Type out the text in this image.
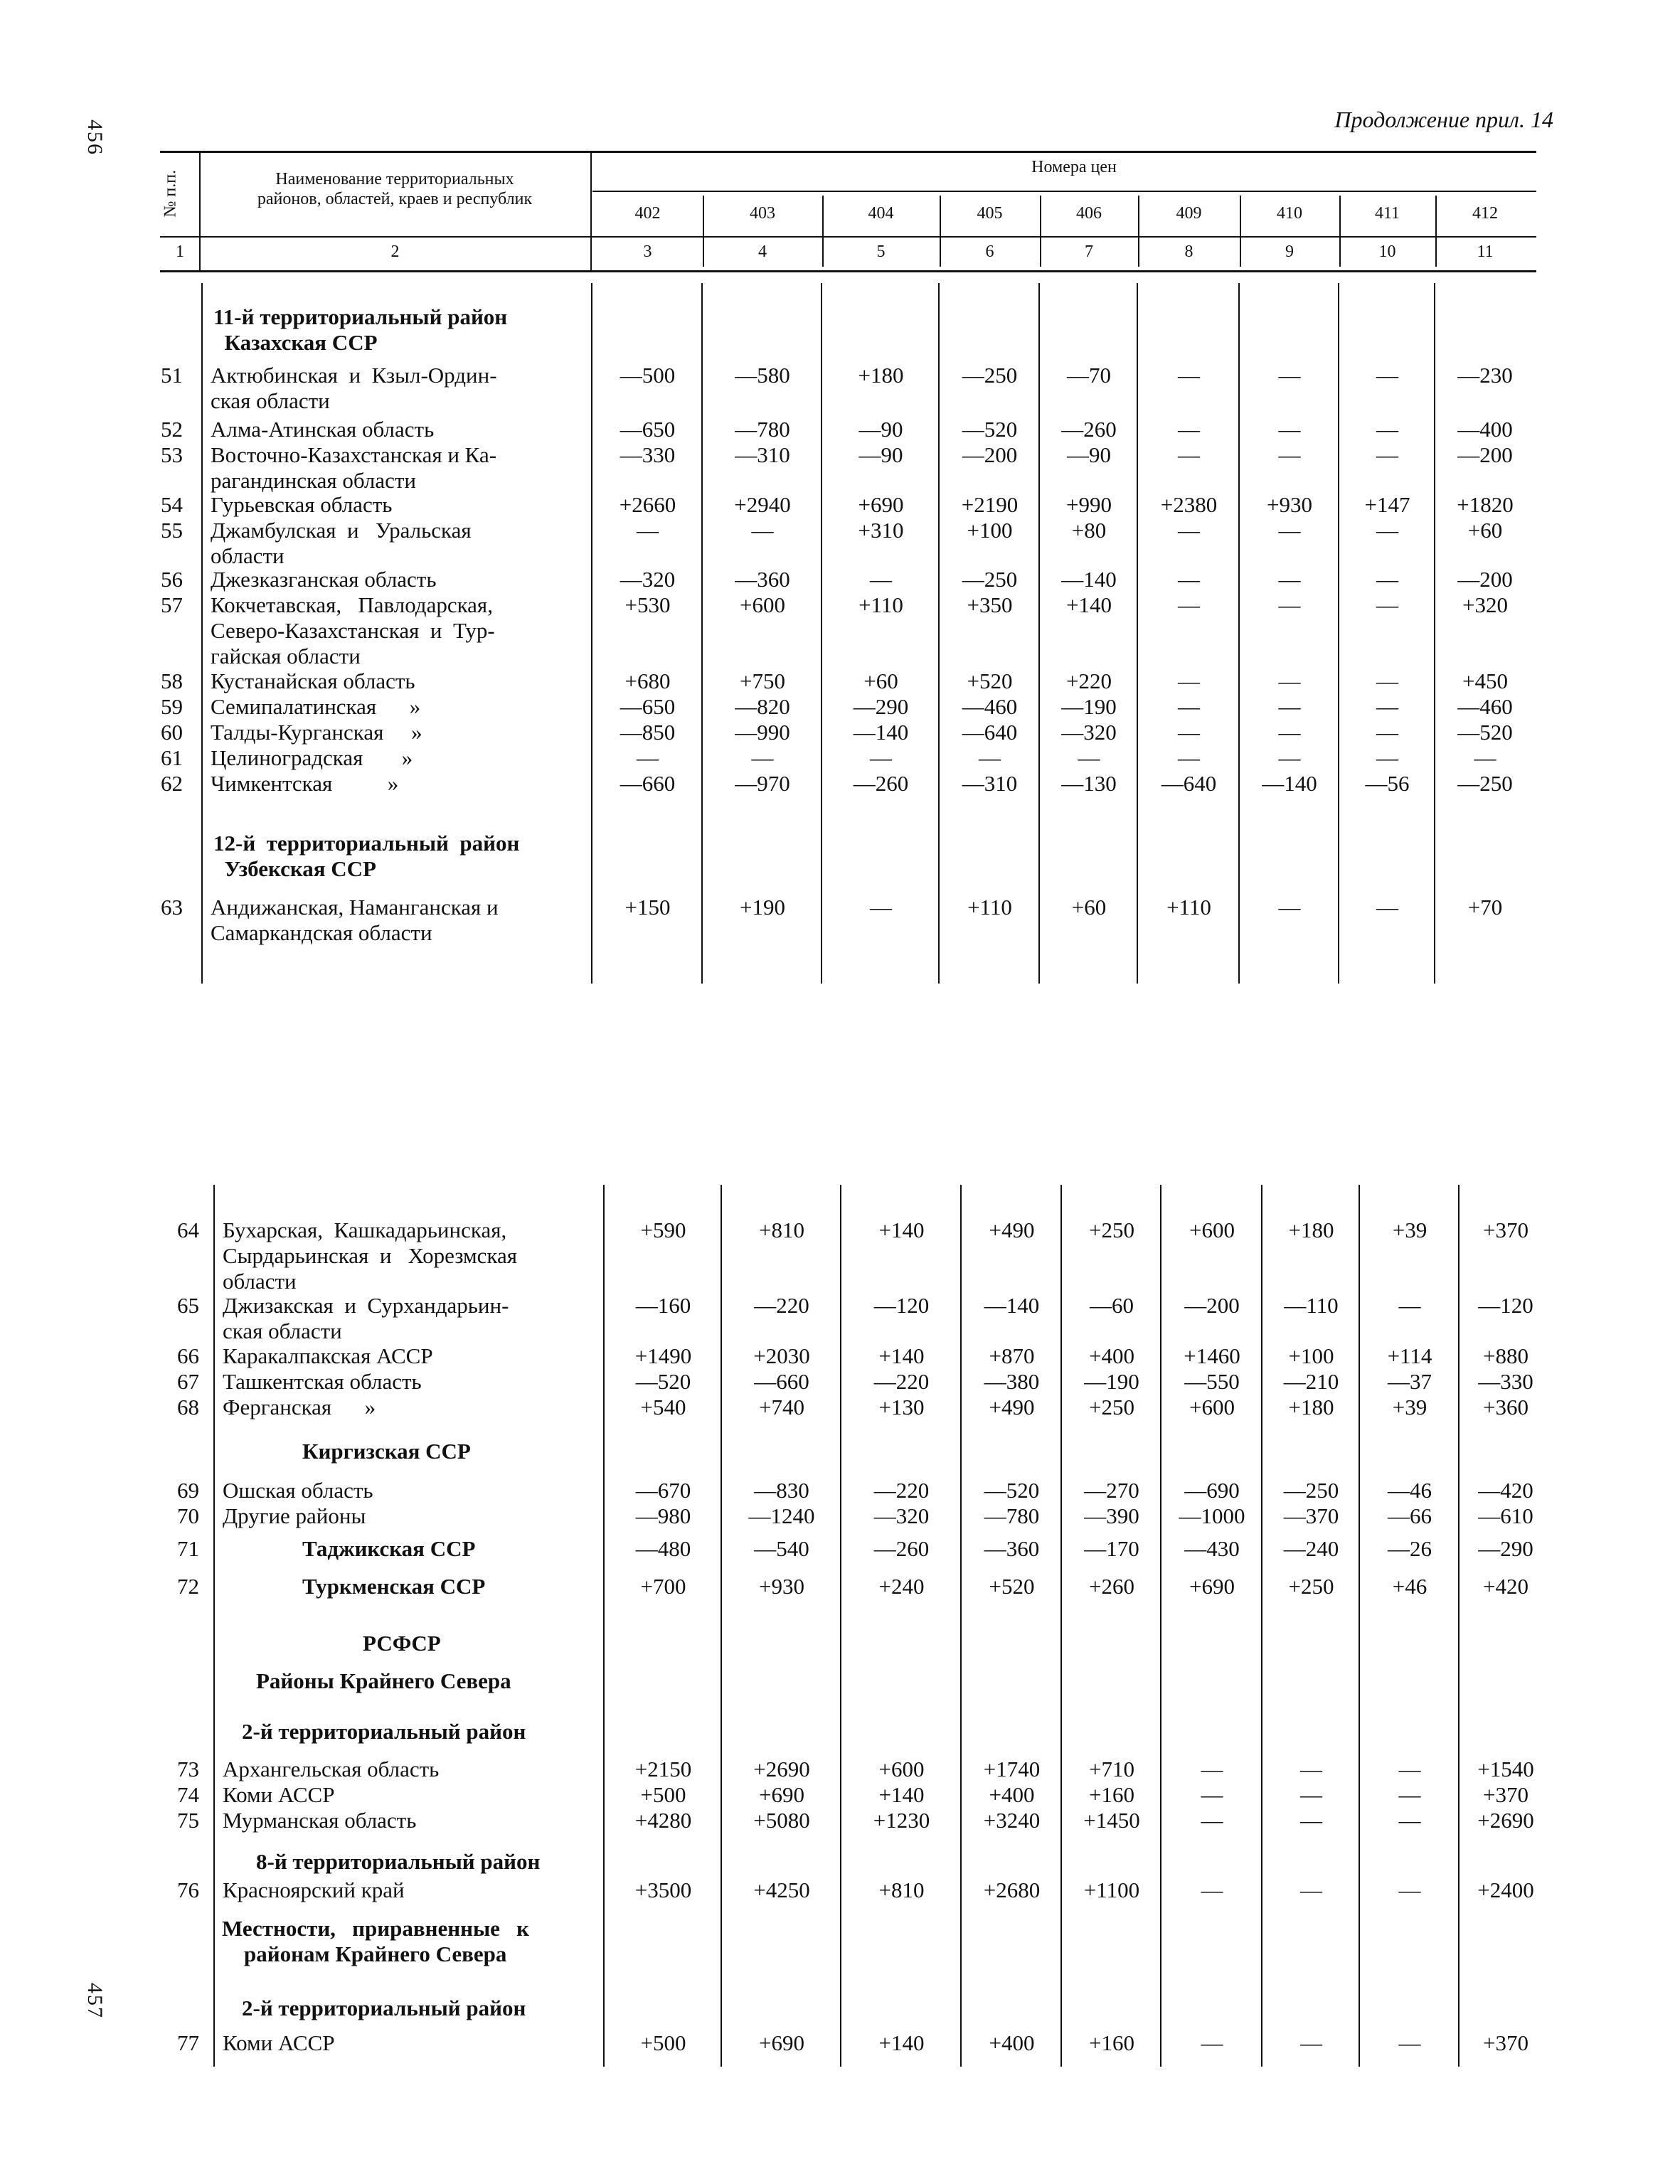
456
457
Продолжение прил. 14
№ п.п.	Наименование территориальных
районов, областей, краев и республик
Номера цен
402	403	404	405	406	409	410	411	412
1	2	3	4	5	6	7	8	9	10	11
11-й территориальный район
Казахская ССР
12-й  территориальный  район
Узбекская ССР
51 Актюбинская  и  Кзыл-Ордин-
ская области
—500	—580	+180	—250	—70	—	—	—	—230
52 Алма-Атинская область	—650	—780	—90	—520	—260	—	—	—	—400
53 Восточно-Казахстанская и Ка-
рагандинская области
—330	—310	—90	—200	—90	—	—	—	—200
54 Гурьевская область	+2660	+2940	+690	+2190	+990	+2380	+930	+147	+1820
55 Джамбулская  и   Уральская
области
—	—	+310	+100	+80	—	—	—	+60
56 Джезказганская область	—320	—360	—	—250	—140	—	—	—	—200
57 Кокчетавская,   Павлодарская,
Северо-Казахстанская  и  Тур-
гайская области
+530	+600	+110	+350	+140	—	—	—	+320
58 Кустанайская область	+680	+750	+60	+520	+220	—	—	—	+450
59 Семипалатинская      »	—650	—820	—290	—460	—190	—	—	—	—460
60 Талды-Курганская     »	—850	—990	—140	—640	—320	—	—	—	—520
61 Целиноградская       »	—	—	—	—	—	—	—	—	—
62 Чимкентская          »	—660	—970	—260	—310	—130	—640	—140	—56	—250
63 Андижанская, Наманганская и
Самаркандская области
+150	+190	—	+110	+60	+110	—	—	+70
Киргизская ССР
РСФСР
Районы Крайнего Севера
2-й территориальный район
8-й территориальный район
Местности,   приравненные   к
районам Крайнего Севера
2-й территориальный район
64 Бухарская,  Кашкадарьинская,
Сырдарьинская  и   Хорезмская
области
+590	+810	+140	+490	+250	+600	+180	+39	+370
65 Джизакская  и  Сурхандарьин-
ская области
—160	—220	—120	—140	—60	—200	—110	—	—120
66 Каракалпакская АССР	+1490	+2030	+140	+870	+400	+1460	+100	+114	+880
67 Ташкентская область	—520	—660	—220	—380	—190	—550	—210	—37	—330
68 Ферганская      »	+540	+740	+130	+490	+250	+600	+180	+39	+360
69 Ошская область	—670	—830	—220	—520	—270	—690	—250	—46	—420
70 Другие районы	—980	—1240	—320	—780	—390	—1000	—370	—66	—610
71	Таджикская ССР	—480	—540	—260	—360	—170	—430	—240	—26	—290
72	Туркменская ССР	+700	+930	+240	+520	+260	+690	+250	+46	+420
73 Архангельская область	+2150	+2690	+600	+1740	+710	—	—	—	+1540
74 Коми АССР	+500	+690	+140	+400	+160	—	—	—	+370
75 Мурманская область	+4280	+5080	+1230	+3240	+1450	—	—	—	+2690
76 Красноярский край	+3500	+4250	+810	+2680	+1100	—	—	—	+2400
77 Коми АССР	+500	+690	+140	+400	+160	—	—	—	+370
